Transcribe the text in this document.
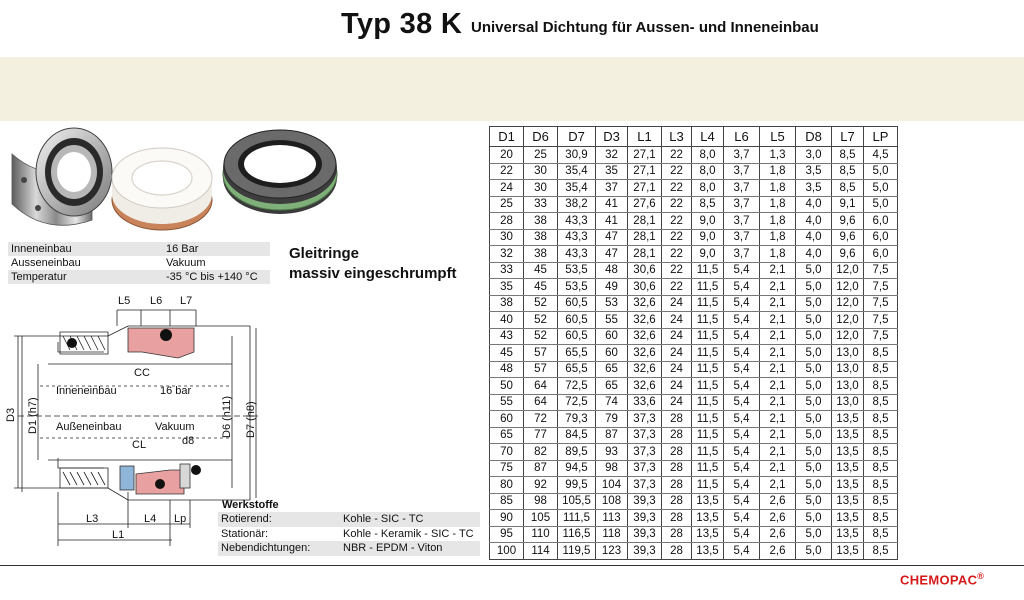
Typ 38 K Universal Dichtung für Aussen- und Inneneinbau
Inneneinbau	16 Bar
Ausseneinbau	Vakuum
Temperatur	-35 °C bis +140 °C
Gleitringe
massiv eingeschrumpft
L5 L6 L7
CC
Inneneinbau	16 bar
Außeneinbau	Vakuum
CL	d8
L3	L4 Lp
L1
D3 D1 (h7)	D6 (h11) D7 (h8)
Werkstoffe
Rotierend:	Kohle - SIC - TC
Stationär:	Kohle - Keramik - SIC - TC
Nebendichtungen:	NBR - EPDM - Viton
D1	D6	D7	D3	L1	L3	L4	L6	L5	D8	L7	LP
20	25	30,9	32	27,1	22	8,0	3,7	1,3	3,0	8,5	4,5
22	30	35,4	35	27,1	22	8,0	3,7	1,8	3,5	8,5	5,0
24	30	35,4	37	27,1	22	8,0	3,7	1,8	3,5	8,5	5,0
25	33	38,2	41	27,6	22	8,5	3,7	1,8	4,0	9,1	5,0
28	38	43,3	41	28,1	22	9,0	3,7	1,8	4,0	9,6	6,0
30	38	43,3	47	28,1	22	9,0	3,7	1,8	4,0	9,6	6,0
32	38	43,3	47	28,1	22	9,0	3,7	1,8	4,0	9,6	6,0
33	45	53,5	48	30,6	22	11,5	5,4	2,1	5,0	12,0	7,5
35	45	53,5	49	30,6	22	11,5	5,4	2,1	5,0	12,0	7,5
38	52	60,5	53	32,6	24	11,5	5,4	2,1	5,0	12,0	7,5
40	52	60,5	55	32,6	24	11,5	5,4	2,1	5,0	12,0	7,5
43	52	60,5	60	32,6	24	11,5	5,4	2,1	5,0	12,0	7,5
45	57	65,5	60	32,6	24	11,5	5,4	2,1	5,0	13,0	8,5
48	57	65,5	65	32,6	24	11,5	5,4	2,1	5,0	13,0	8,5
50	64	72,5	65	32,6	24	11,5	5,4	2,1	5,0	13,0	8,5
55	64	72,5	74	33,6	24	11,5	5,4	2,1	5,0	13,0	8,5
60	72	79,3	79	37,3	28	11,5	5,4	2,1	5,0	13,5	8,5
65	77	84,5	87	37,3	28	11,5	5,4	2,1	5,0	13,5	8,5
70	82	89,5	93	37,3	28	11,5	5,4	2,1	5,0	13,5	8,5
75	87	94,5	98	37,3	28	11,5	5,4	2,1	5,0	13,5	8,5
80	92	99,5	104	37,3	28	11,5	5,4	2,1	5,0	13,5	8,5
85	98	105,5	108	39,3	28	13,5	5,4	2,6	5,0	13,5	8,5
90	105	111,5	113	39,3	28	13,5	5,4	2,6	5,0	13,5	8,5
95	110	116,5	118	39,3	28	13,5	5,4	2,6	5,0	13,5	8,5
100	114	119,5	123	39,3	28	13,5	5,4	2,6	5,0	13,5	8,5
CHEMOPAC®
